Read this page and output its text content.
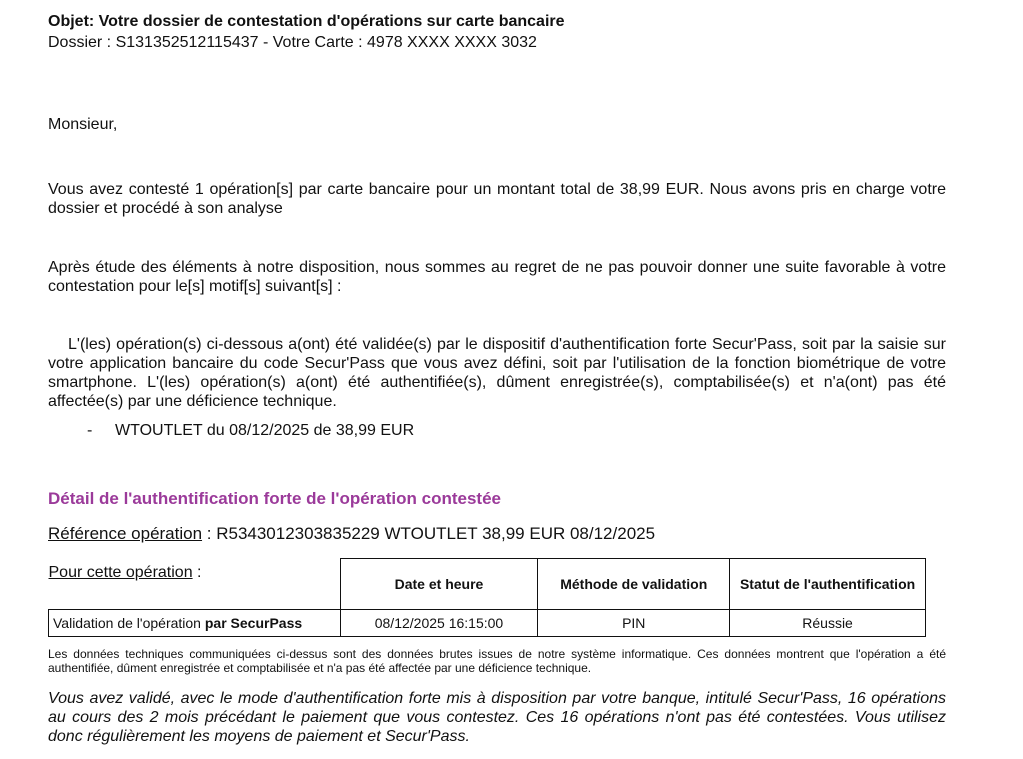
Objet: Votre dossier de contestation d'opérations sur carte bancaire

Dossier : S131352512115437 - Votre Carte : 4978 XXXX XXXX 3032

Monsieur,

Vous avez contesté 1 opération[s] par carte bancaire pour un montant total de 38,99 EUR. Nous avons pris en charge votre dossier et procédé à son analyse

Après étude des éléments à notre disposition, nous sommes au regret de ne pas pouvoir donner une suite favorable à votre contestation pour le[s] motif[s] suivant[s] :

L'(les) opération(s) ci-dessous a(ont) été validée(s) par le dispositif d'authentification forte Secur'Pass, soit par la saisie sur votre application bancaire du code Secur'Pass que vous avez défini, soit par l'utilisation de la fonction biométrique de votre smartphone. L'(les) opération(s) a(ont) été authentifiée(s), dûment enregistrée(s), comptabilisée(s) et n'a(ont) pas été affectée(s) par une déficience technique.

- WTOUTLET du 08/12/2025 de 38,99 EUR

Détail de l'authentification forte de l'opération contestée

Référence opération : R5343012303835229 WTOUTLET 38,99 EUR 08/12/2025

Pour cette opération :	Date et heure	Méthode de validation	Statut de l'authentification
Validation de l'opération par SecurPass	08/12/2025 16:15:00	PIN	Réussie

Les données techniques communiquées ci-dessus sont des données brutes issues de notre système informatique. Ces données montrent que l'opération a été authentifiée, dûment enregistrée et comptabilisée et n'a pas été affectée par une déficience technique.

Vous avez validé, avec le mode d'authentification forte mis à disposition par votre banque, intitulé Secur'Pass, 16 opérations au cours des 2 mois précédant le paiement que vous contestez. Ces 16 opérations n'ont pas été contestées. Vous utilisez donc régulièrement les moyens de paiement et Secur'Pass.
